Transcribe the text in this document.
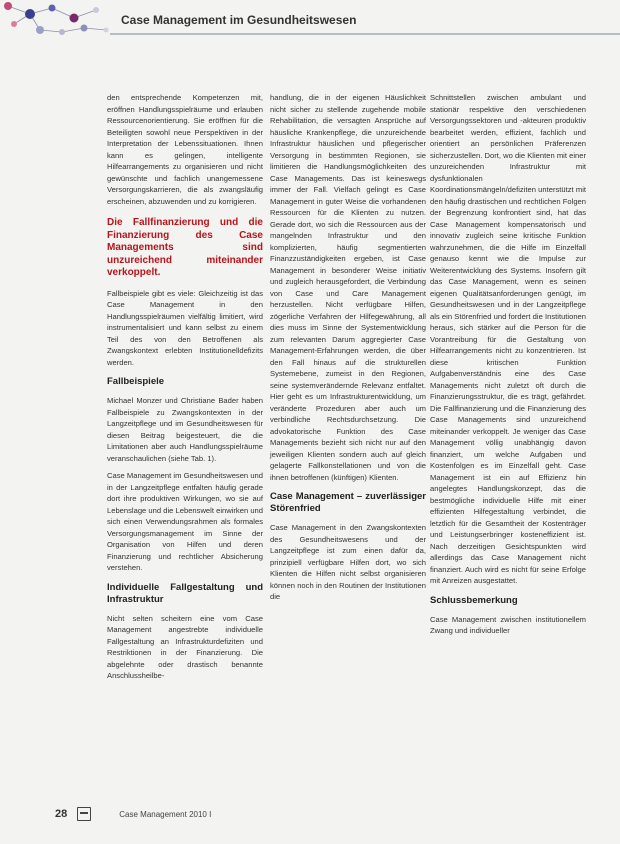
Case Management im Gesundheitswesen

den entsprechende Kompetenzen mit, eröffnen Handlungsspielräume und erlauben Ressourcenorientierung. Sie eröffnen für die Beteiligten sowohl neue Perspektiven in der Interpretation der Lebenssituationen. Ihnen kann es gelingen, intelligente Hilfearrangements zu organisieren und nicht gewünschte und fachlich unangemessene Versorgungskarrieren, die als zwangsläufig erscheinen, abzuwenden und zu korrigieren.

Die Fallfinanzierung und die Finanzierung des Case Managements sind unzureichend miteinander verkoppelt.

Fallbeispiele gibt es viele: Gleichzeitig ist das Case Management in den Handlungsspielräumen vielfältig limitiert, wird instrumentalisiert und kann selbst zu einem Teil des von den Betroffenen als Zwangskontext erlebten Institutionelldefizits werden.

Fallbeispiele

Michael Monzer und Christiane Bader haben Fallbeispiele zu Zwangskontexten in der Langzeitpflege und im Gesundheitswesen für diesen Beitrag beigesteuert, die die Limitationen aber auch Handlungsspielräume veranschaulichen (siehe Tab. 1).

Case Management im Gesundheitswesen und in der Langzeitpflege entfalten häufig gerade dort ihre produktiven Wirkungen, wo sie auf Lebenslage und die Lebenswelt einwirken und sich einen Verwendungsrahmen als formales Versorgungsmanagement im Sinne der Organisation von Hilfen und deren Finanzierung und rechtlicher Absicherung verstehen.

Individuelle Fallgestaltung und Infrastruktur

Nicht selten scheitern eine vom Case Management angestrebte individuelle Fallgestaltung an Infrastrukturdefiziten und Restriktionen in der Finanzierung. Die abgelehnte oder drastisch benannte Anschlussheilbe-

handlung, die in der eigenen Häuslichkeit nicht sicher zu stellende zugehende mobile Rehabilitation, die versagten Ansprüche auf häusliche Krankenpflege, die unzureichende Infrastruktur häuslichen und pflegerischer Versorgung in bestimmten Regionen, sie limitieren die Handlungsmöglichkeiten des Case Managements. Das ist keineswegs immer der Fall. Vielfach gelingt es Case Management in guter Weise die vorhandenen Ressourcen für die Klienten zu nutzen. Gerade dort, wo sich die Ressourcen aus der mangelnden Infrastruktur und den komplizierten, häufig segmentierten Finanzzuständigkeiten ergeben, ist Case Management in besonderer Weise initiativ und zugleich herausgefordert, die Verbindung von Case und Care Management herzustellen. Nicht verfügbare Hilfen, zögerliche Verfahren der Hilfegewährung, all dies muss im Sinne der Systementwicklung zum relevanten Darum aggregierter Case Management-Erfahrungen werden, die über den Fall hinaus auf die strukturellen Systemebene, zumeist in den Regionen, seine systemverändernde Relevanz entfaltet. Hier geht es um Infrastrukturentwicklung, um veränderte Prozeduren aber auch um verbindliche Rechtsdurchsetzung. Die advokatorische Funktion des Case Managements bezieht sich nicht nur auf den jeweiligen Klienten sondern auch auf gleich gelagerte Fallkonstellationen und von die ihnen betroffenen (künftigen) Klienten.

Case Management – zuverlässiger Störenfried

Case Management in den Zwangskontexten des Gesundheitswesens und der Langzeitpflege ist zum einen dafür da, prinzipiell verfügbare Hilfen dort, wo sich Klienten die Hilfen nicht selbst organisieren können noch in den Routinen der Institutionen die

Schnittstellen zwischen ambulant und stationär respektive den verschiedenen Versorgungssektoren und -akteuren produktiv bearbeitet werden, effizient, fachlich und orientiert an persönlichen Präferenzen sicherzustellen. Dort, wo die Klienten mit einer unzureichenden Infrastruktur mit dysfunktionalen Koordinationsmängeln/defiziten unterstützt mit den häufig drastischen und rechtlichen Folgen der Begrenzung konfrontiert sind, hat das Case Management kompensatorisch und innovativ zugleich seine kritische Funktion wahrzunehmen, die die Hilfe im Einzelfall genauso kennt wie die Impulse zur Weiterentwicklung des Systems. Insofern gilt das Case Management, wenn es seinen eigenen Qualitätsanforderungen genügt, im Gesundheitswesen und in der Langzeitpflege als ein Störenfried und fordert die Institutionen heraus, sich stärker auf die Person für die Vorantreibung für die Gestaltung von Hilfearrangements nicht zu konzentrieren. Ist diese kritischen Funktion Aufgabenverständnis eine des Case Managements nicht zuletzt oft durch die Finanzierungsstruktur, die es trägt, gefährdet. Die Fallfinanzierung und die Finanzierung des Case Managements sind unzureichend miteinander verkoppelt. Je weniger das Case Management völlig unabhängig davon finanziert, um welche Aufgaben und Kostenfolgen es im Einzelfall geht. Case Management ist ein auf Effizienz hin angelegtes Handlungskonzept, das die bestmögliche individuelle Hilfe mit einer effizienten Hilfegestaltung verbindet, die letztlich für die Gesamtheit der Kostenträger und Leistungserbringer kosteneffizient ist. Nach derzeitigen Gesichtspunkten wird allerdings das Case Management nicht finanziert. Auch wird es nicht für seine Erfolge mit Anreizen ausgestattet.

Schlussbemerkung

Case Management zwischen institutionellem Zwang und individueller

28	Case Management 2010 I
